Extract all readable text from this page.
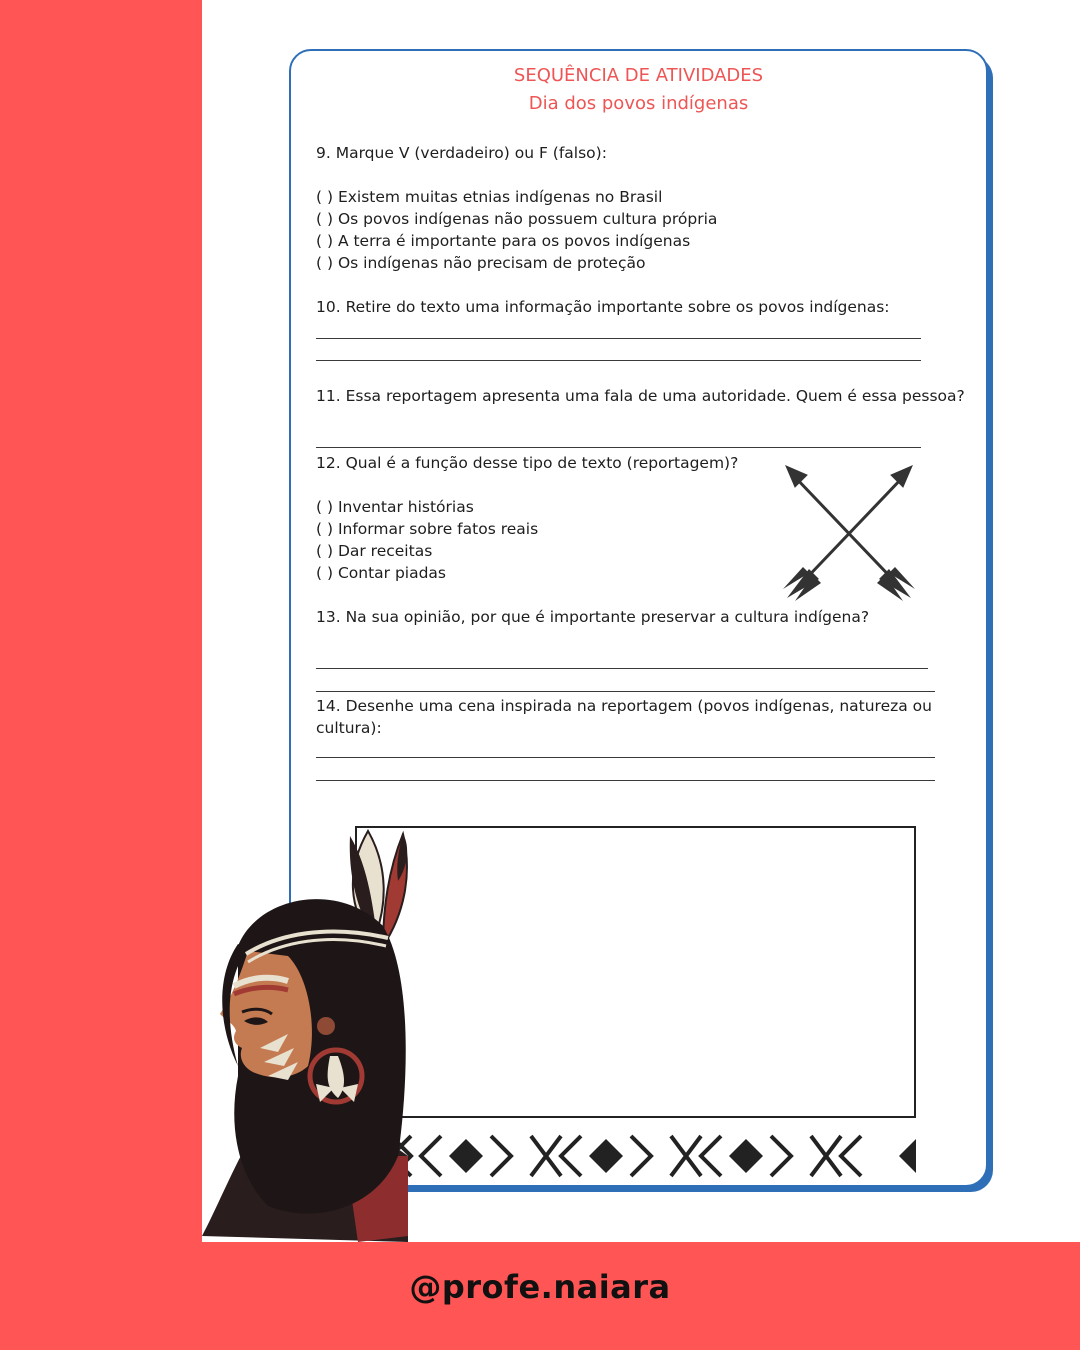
SEQUÊNCIA DE ATIVIDADES
Dia dos povos indígenas
9. Marque V (verdadeiro) ou F (falso):
( ) Existem muitas etnias indígenas no Brasil
( ) Os povos indígenas não possuem cultura própria
( ) A terra é importante para os povos indígenas
( ) Os indígenas não precisam de proteção
10. Retire do texto uma informação importante sobre os povos indígenas:
11. Essa reportagem apresenta uma fala de uma autoridade. Quem é essa pessoa?
12. Qual é a função desse tipo de texto (reportagem)?
( ) Inventar histórias
( ) Informar sobre fatos reais
( ) Dar receitas
( ) Contar piadas
13. Na sua opinião, por que é importante preservar a cultura indígena?
14. Desenhe uma cena inspirada na reportagem (povos indígenas, natureza ou cultura):
@profe.naiara
